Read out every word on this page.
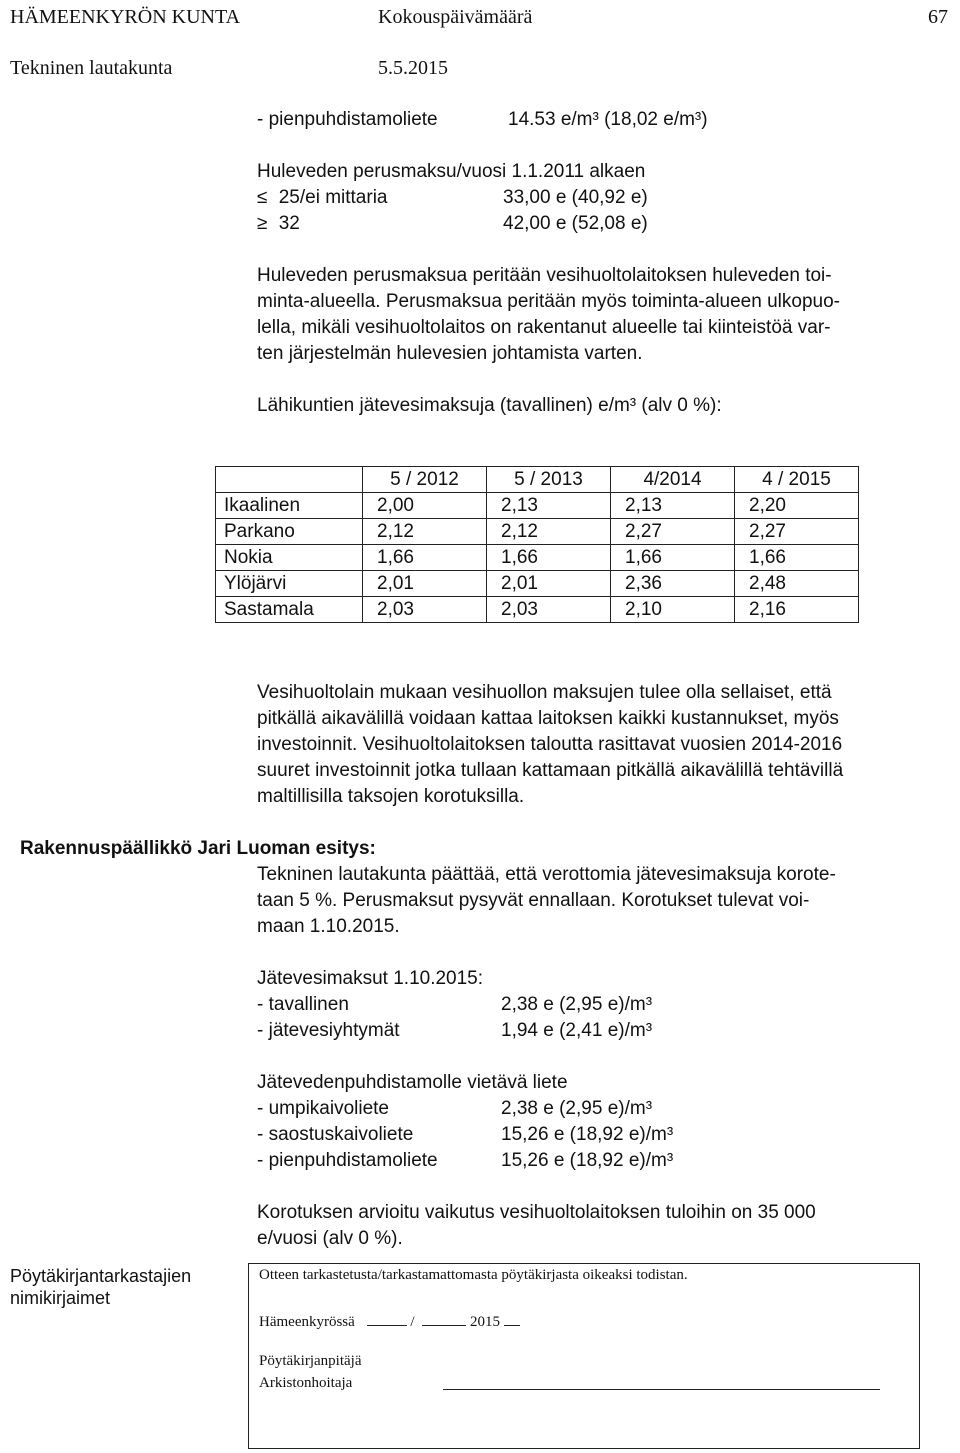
HÄMEENKYRÖN KUNTA	Kokouspäivämäärä	67
Tekninen lautakunta	5.5.2015
- pienpuhdistamoliete	14.53 e/m³ (18,02 e/m³)
Huleveden perusmaksu/vuosi 1.1.2011 alkaen
≤ 25/ei mittaria	33,00 e (40,92 e)
≥ 32	42,00 e (52,08 e)
Huleveden perusmaksua peritään vesihuoltolaitoksen huleveden toi-
minta-alueella. Perusmaksua peritään myös toiminta-alueen ulkopuo-
lella, mikäli vesihuoltolaitos on rakentanut alueelle tai kiinteistöä var-
ten järjestelmän hulevesien johtamista varten.
Lähikuntien jätevesimaksuja (tavallinen) e/m³ (alv 0 %):
	5 / 2012	5 / 2013	4/2014	4 / 2015
Ikaalinen	2,00	2,13	2,13	2,20
Parkano	2,12	2,12	2,27	2,27
Nokia	1,66	1,66	1,66	1,66
Ylöjärvi	2,01	2,01	2,36	2,48
Sastamala	2,03	2,03	2,10	2,16
Vesihuoltolain mukaan vesihuollon maksujen tulee olla sellaiset, että
pitkällä aikavälillä voidaan kattaa laitoksen kaikki kustannukset, myös
investoinnit. Vesihuoltolaitoksen taloutta rasittavat vuosien 2014-2016
suuret investoinnit jotka tullaan kattamaan pitkällä aikavälillä tehtävillä
maltillisilla taksojen korotuksilla.
Rakennuspäällikkö Jari Luoman esitys:
Tekninen lautakunta päättää, että verottomia jätevesimaksuja korote-
taan 5 %. Perusmaksut pysyvät ennallaan. Korotukset tulevat voi-
maan 1.10.2015.
Jätevesimaksut 1.10.2015:
- tavallinen	2,38 e (2,95 e)/m³
- jätevesiyhtymät	1,94 e (2,41 e)/m³
Jätevedenpuhdistamolle vietävä liete
- umpikaivoliete	2,38 e (2,95 e)/m³
- saostuskaivoliete	15,26 e (18,92 e)/m³
- pienpuhdistamoliete	15,26 e (18,92 e)/m³
Korotuksen arvioitu vaikutus vesihuoltolaitoksen tuloihin on 35 000
e/vuosi (alv 0 %).
Pöytäkirjantarkastajien
nimikirjaimet
Otteen tarkastetusta/tarkastamattomasta pöytäkirjasta oikeaksi todistan.
Hämeenkyrössä	/	2015
Pöytäkirjanpitäjä
Arkistonhoitaja
